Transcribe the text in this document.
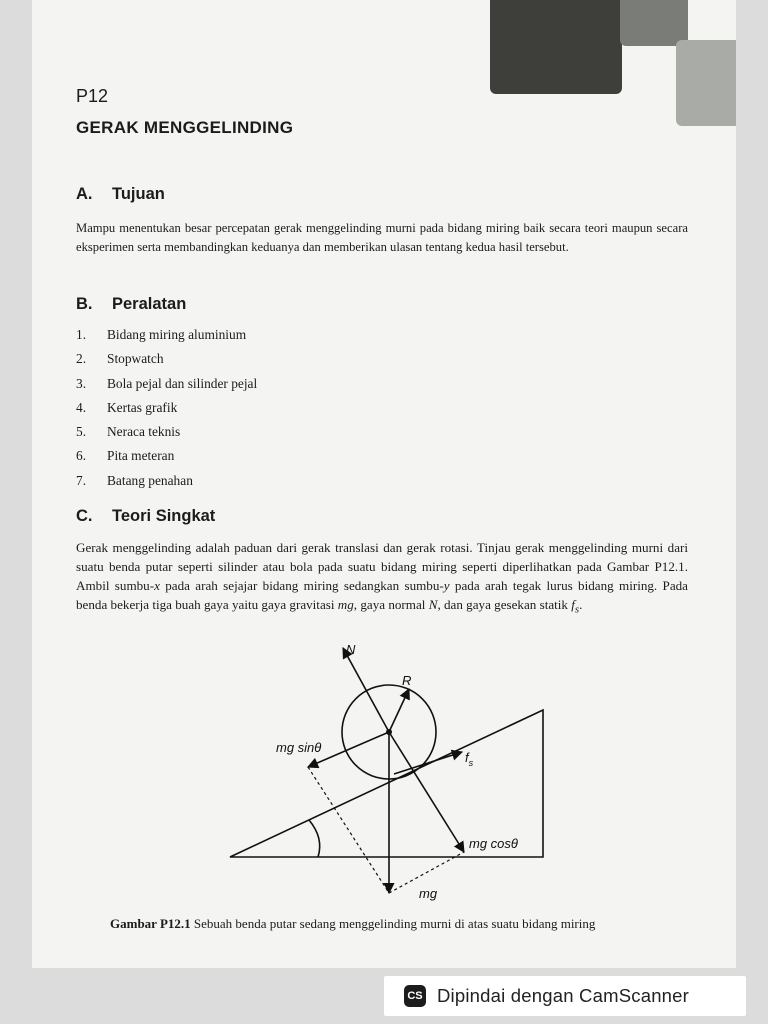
P12
GERAK MENGGELINDING
A. Tujuan
Mampu menentukan besar percepatan gerak menggelinding murni pada bidang miring baik secara teori maupun secara eksperimen serta membandingkan keduanya dan memberikan ulasan tentang kedua hasil tersebut.
B. Peralatan
1.	Bidang miring aluminium
2.	Stopwatch
3.	Bola pejal dan silinder pejal
4.	Kertas grafik
5.	Neraca teknis
6.	Pita meteran
7.	Batang penahan
C. Teori Singkat
Gerak menggelinding adalah paduan dari gerak translasi dan gerak rotasi. Tinjau gerak menggelinding murni dari suatu benda putar seperti silinder atau bola pada suatu bidang miring seperti diperlihatkan pada Gambar P12.1. Ambil sumbu-x pada arah sejajar bidang miring sedangkan sumbu-y pada arah tegak lurus bidang miring. Pada benda bekerja tiga buah gaya yaitu gaya gravitasi mg, gaya normal N, dan gaya gesekan statik $f_s$.
N
R
mg sinθ
$f_s$
mg cosθ
mg
Gambar P12.1 Sebuah benda putar sedang menggelinding murni di atas suatu bidang miring
CS Dipindai dengan CamScanner
